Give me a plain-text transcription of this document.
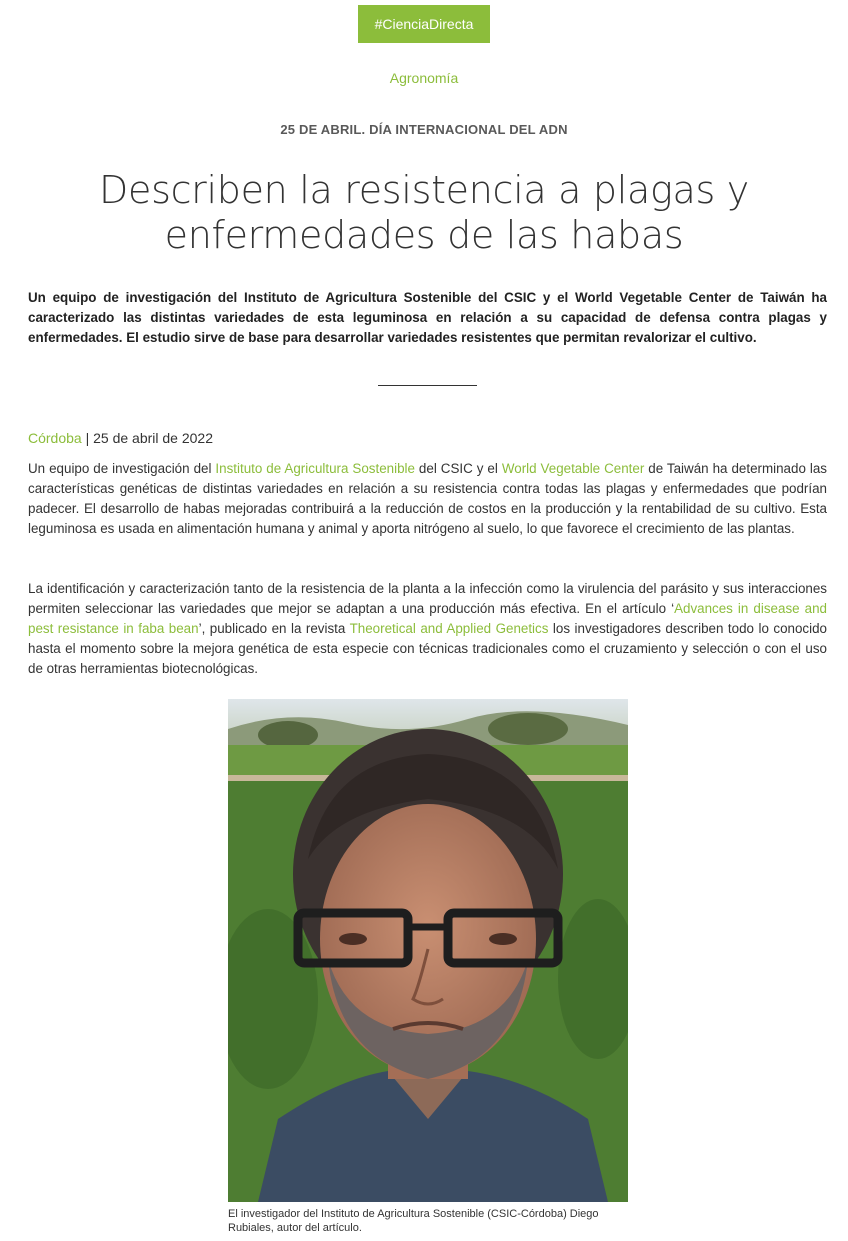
#CienciaDirecta
Agronomía
25 DE ABRIL. DÍA INTERNACIONAL DEL ADN
Describen la resistencia a plagas y enfermedades de las habas

Un equipo de investigación del Instituto de Agricultura Sostenible del CSIC y el World Vegetable Center de Taiwán ha caracterizado las distintas variedades de esta leguminosa en relación a su capacidad de defensa contra plagas y enfermedades. El estudio sirve de base para desarrollar variedades resistentes que permitan revalorizar el cultivo.

Córdoba | 25 de abril de 2022

Un equipo de investigación del Instituto de Agricultura Sostenible del CSIC y el World Vegetable Center de Taiwán ha determinado las características genéticas de distintas variedades en relación a su resistencia contra todas las plagas y enfermedades que podrían padecer. El desarrollo de habas mejoradas contribuirá a la reducción de costos en la producción y la rentabilidad de su cultivo. Esta leguminosa es usada en alimentación humana y animal y aporta nitrógeno al suelo, lo que favorece el crecimiento de las plantas.

La identificación y caracterización tanto de la resistencia de la planta a la infección como la virulencia del parásito y sus interacciones permiten seleccionar las variedades que mejor se adaptan a una producción más efectiva. En el artículo ‘Advances in disease and pest resistance in faba bean’, publicado en la revista Theoretical and Applied Genetics los investigadores describen todo lo conocido hasta el momento sobre la mejora genética de esta especie con técnicas tradicionales como el cruzamiento y selección o con el uso de otras herramientas biotecnológicas.

El investigador del Instituto de Agricultura Sostenible (CSIC-Córdoba) Diego Rubiales, autor del artículo.
